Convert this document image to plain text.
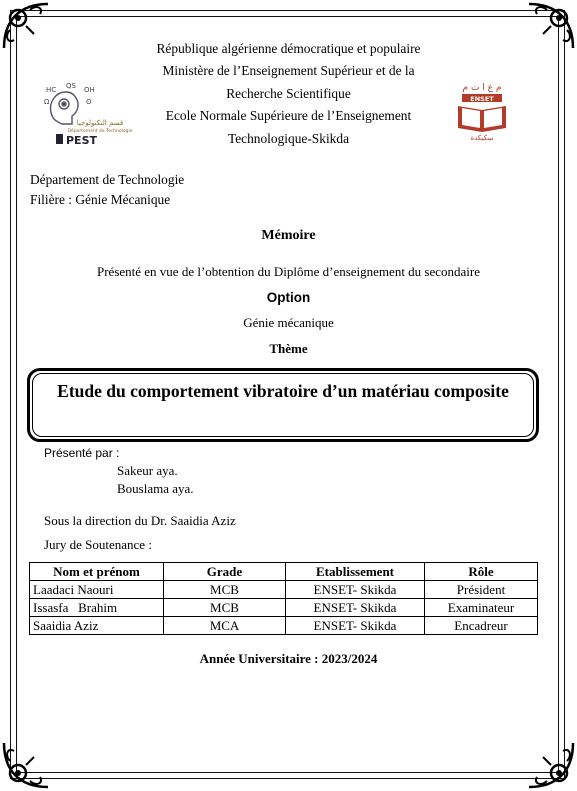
République algérienne démocratique et populaire
Ministère de l’Enseignement Supérieur et de la
Recherche Scientifique
Ecole Normale Supérieure de l’Enseignement
Technologique-Skikda
HC QS OH
Ω	ʘ
قسم التكنولوجيا
Département de Technologie
PEST
م ع ا ت م
ENSET
سكيكدة
Département de Technologie
Filière : Génie Mécanique
Mémoire
Présenté en vue de l’obtention du Diplôme d’enseignement du secondaire
Option
Génie mécanique
Thème
Etude du comportement vibratoire d’un matériau composite
Présenté par :
Sakeur aya.
Bouslama aya.
Sous la direction du Dr. Saaidia Aziz
Jury de Soutenance :
Nom et prénom	Grade	Etablissement	Rôle
Laadaci Naouri	MCB	ENSET- Skikda	Président
Issasfa   Brahim	MCB	ENSET- Skikda	Examinateur
Saaidia Aziz	MCA	ENSET- Skikda	Encadreur
Année Universitaire : 2023/2024
